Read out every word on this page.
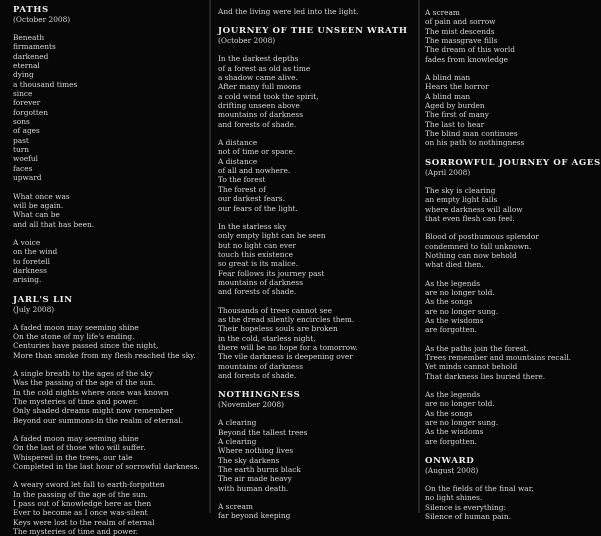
PATHS
(October 2008)
Beneath
firmaments
darkened
eternal
dying
a thousand times
since
forever
forgotten
sons
of ages
past
turn
woeful
faces
upward
What once was
will be again.
What can be
and all that has been.
A voice
on the wind
to foretell
darkness
arising.
JARL'S LIN
(July 2008)
A faded moon may seeming shine
On the stone of my life's ending.
Centuries have passed since the night,
More than smoke from my flesh reached the sky.
A single breath to the ages of the sky
Was the passing of the age of the sun.
In the cold nights where once was known
The mysteries of time and power.
Only shaded dreams might now remember
Beyond our summons-in the realm of eternal.
A faded moon may seeming shine
On the last of those who will suffer.
Whispered in the trees, our tale
Completed in the last hour of sorrowful darkness.
A weary sword let fall to earth-forgotten
In the passing of the age of the sun.
I pass out of knowledge here as then
Ever to become as I once was-silent
Keys were lost to the realm of eternal
The mysteries of time and power.
And the living were led into the light.
JOURNEY OF THE UNSEEN WRATH
(October 2008)
In the darkest depths
of a forest as old as time
a shadow came alive.
After many full moons
a cold wind took the spirit,
drifting unseen above
mountains of darkness
and forests of shade.
A distance
not of time or space.
A distance
of all and nowhere.
To the forest
The forest of
our darkest fears.
our fears of the light.
In the starless sky
only empty light can be seen
but no light can ever
touch this existence
so great is its malice.
Fear follows its journey past
mountains of darkness
and forests of shade.
Thousands of trees cannot see
as the dread silently encircles them.
Their hopeless souls are broken
in the cold, starless night,
there will be no hope for a tomorrow.
The vile darkness is deepening over
mountains of darkness
and forests of shade.
NOTHINGNESS
(November 2008)
A clearing
Beyond the tallest trees
A clearing
Where nothing lives
The sky darkens
The earth burns black
The air made heavy
with human death.
A scream
far beyond keeping
A scream
of pain and sorrow
The mist descends
The massgrave fills
The dream of this world
fades from knowledge
A blind man
Hears the horror
A blind man
Aged by burden
The first of many
The last to hear
The blind man continues
on his path to nothingness
SORROWFUL JOURNEY OF AGES
(April 2008)
The sky is clearing
an empty light falls
where darkness will allow
that even flesh can feel.
Blood of posthumous splendor
condemned to fall unknown.
Nothing can now behold
what died then.
As the legends
are no longer told.
As the songs
are no longer sung.
As the wisdoms
are forgotten.
As the paths join the forest.
Trees remember and mountains recall.
Yet minds cannot behold
That darkness lies buried there.
As the legends
are no longer told.
As the songs
are no longer sung.
As the wisdoms
are forgotten.
ONWARD
(August 2008)
On the fields of the final war,
no light shines.
Silence is everything:
Silence of human pain.
